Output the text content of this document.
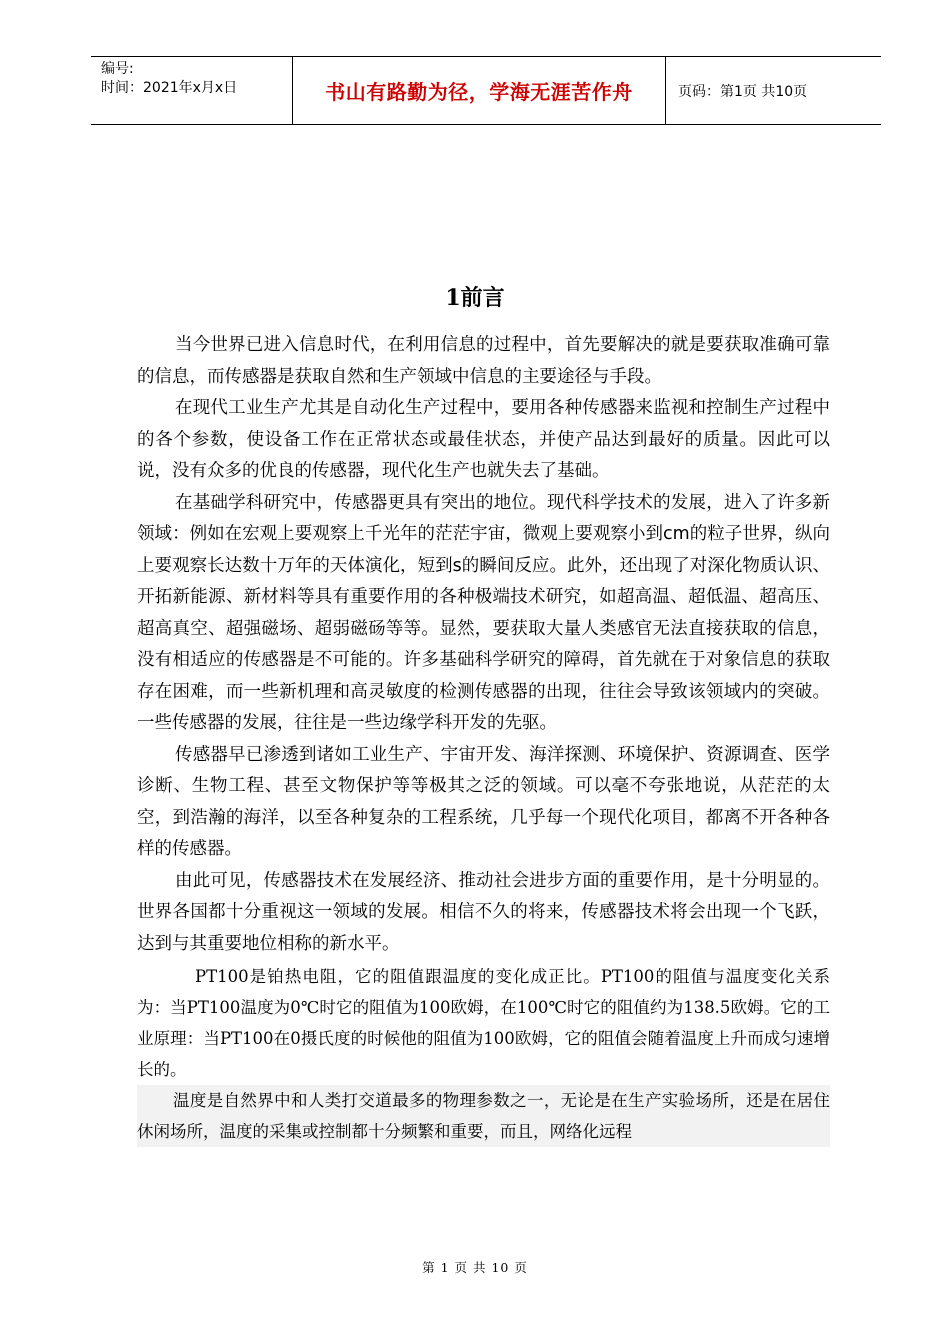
编号:
时间：2021年x月x日	书山有路勤为径，学海无涯苦作舟	页码：第1页 共10页
1前言

当今世界已进入信息时代，在利用信息的过程中，首先要解决的就是要获取准确可靠的信息，而传感器是获取自然和生产领域中信息的主要途径与手段。

在现代工业生产尤其是自动化生产过程中，要用各种传感器来监视和控制生产过程中的各个参数，使设备工作在正常状态或最佳状态，并使产品达到最好的质量。因此可以说，没有众多的优良的传感器，现代化生产也就失去了基础。

在基础学科研究中，传感器更具有突出的地位。现代科学技术的发展，进入了许多新领域：例如在宏观上要观察上千光年的茫茫宇宙，微观上要观察小到cm的粒子世界，纵向上要观察长达数十万年的天体演化，短到s的瞬间反应。此外，还出现了对深化物质认识、开拓新能源、新材料等具有重要作用的各种极端技术研究，如超高温、超低温、超高压、超高真空、超强磁场、超弱磁砀等等。显然，要获取大量人类感官无法直接获取的信息，没有相适应的传感器是不可能的。许多基础科学研究的障碍，首先就在于对象信息的获取存在困难，而一些新机理和高灵敏度的检测传感器的出现，往往会导致该领域内的突破。一些传感器的发展，往往是一些边缘学科开发的先驱。

传感器早已渗透到诸如工业生产、宇宙开发、海洋探测、环境保护、资源调查、医学诊断、生物工程、甚至文物保护等等极其之泛的领域。可以毫不夸张地说，从茫茫的太空，到浩瀚的海洋，以至各种复杂的工程系统，几乎每一个现代化项目，都离不开各种各样的传感器。

由此可见，传感器技术在发展经济、推动社会进步方面的重要作用，是十分明显的。世界各国都十分重视这一领域的发展。相信不久的将来，传感器技术将会出现一个飞跃，达到与其重要地位相称的新水平。

PT100是铂热电阻，它的阻值跟温度的变化成正比。PT100的阻值与温度变化关系为：当PT100温度为0℃时它的阻值为100欧姆，在100℃时它的阻值约为138.5欧姆。它的工业原理：当PT100在0摄氏度的时候他的阻值为100欧姆，它的阻值会随着温度上升而成匀速增长的。

温度是自然界中和人类打交道最多的物理参数之一，无论是在生产实验场所，还是在居住休闲场所，温度的采集或控制都十分频繁和重要，而且，网络化远程

第 1 页 共 10 页
